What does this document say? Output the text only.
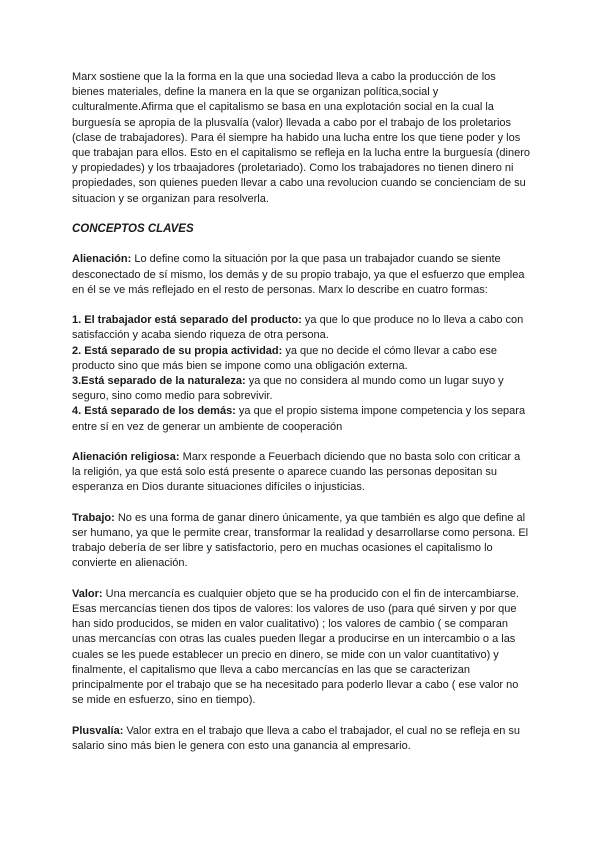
Marx sostiene que la la forma en la que una sociedad lleva a cabo la producción de los bienes materiales, define la manera en la que se organizan política,social y culturalmente.Afirma que el capitalismo se basa en una explotación social en la cual la burguesía se apropia de la plusvalía (valor) llevada a cabo por el trabajo de los proletarios (clase de trabajadores). Para él siempre ha habido una lucha entre los que tiene poder y los que trabajan para ellos. Esto en el capitalismo se refleja en la lucha entre la burguesía (dinero y propiedades) y los trbaajadores (proletariado). Como los trabajadores no tienen dinero ni propiedades, son quienes pueden llevar a cabo una revolucion cuando se concienciam de su situacion y se organizan para resolverla.

CONCEPTOS CLAVES

Alienación: Lo define como la situación por la que pasa un trabajador cuando se siente desconectado de sí mismo, los demás y de su propio trabajo, ya que el esfuerzo que emplea en él se ve más reflejado en el resto de personas. Marx lo describe en cuatro formas:

1. El trabajador está separado del producto: ya que lo que produce no lo lleva a cabo con satisfacción y acaba siendo riqueza de otra persona.

2. Está separado de su propia actividad: ya que no decide el cómo llevar a cabo ese producto sino que más bien se impone como una obligación externa.

3.Está separado de la naturaleza: ya que no considera al mundo como un lugar suyo y seguro, sino como medio para sobrevivir.

4. Está separado de los demás: ya que el propio sistema impone competencia y los separa entre sí en vez de generar un ambiente de cooperación

Alienación religiosa: Marx responde a Feuerbach diciendo que no basta solo con criticar a la religión, ya que está solo está presente o aparece cuando las personas depositan su esperanza en Dios durante situaciones difíciles o injusticias.

Trabajo: No es una forma de ganar dinero únicamente, ya que también es algo que define al ser humano, ya que le permite crear, transformar la realidad y desarrollarse como persona. El trabajo debería de ser libre y satisfactorio, pero en muchas ocasiones el capitalismo lo convierte en alienación.

Valor: Una mercancía es cualquier objeto que se ha producido con el fin de intercambiarse. Esas mercancías tienen dos tipos de valores: los valores de uso (para qué sirven y por que han sido producidos, se miden en valor cualitativo) ; los valores de cambio ( se comparan unas mercancías con otras las cuales pueden llegar a producirse en un intercambio o a las cuales se les puede establecer un precio en dinero, se mide con un valor cuantitativo) y finalmente, el capitalismo que lleva a cabo mercancías en las que se caracterizan principalmente por el trabajo que se ha necesitado para poderlo llevar a cabo ( ese valor no se mide en esfuerzo, sino en tiempo).

Plusvalía: Valor extra en el trabajo que lleva a cabo el trabajador, el cual no se refleja en su salario sino más bien le genera con esto una ganancia al empresario.
